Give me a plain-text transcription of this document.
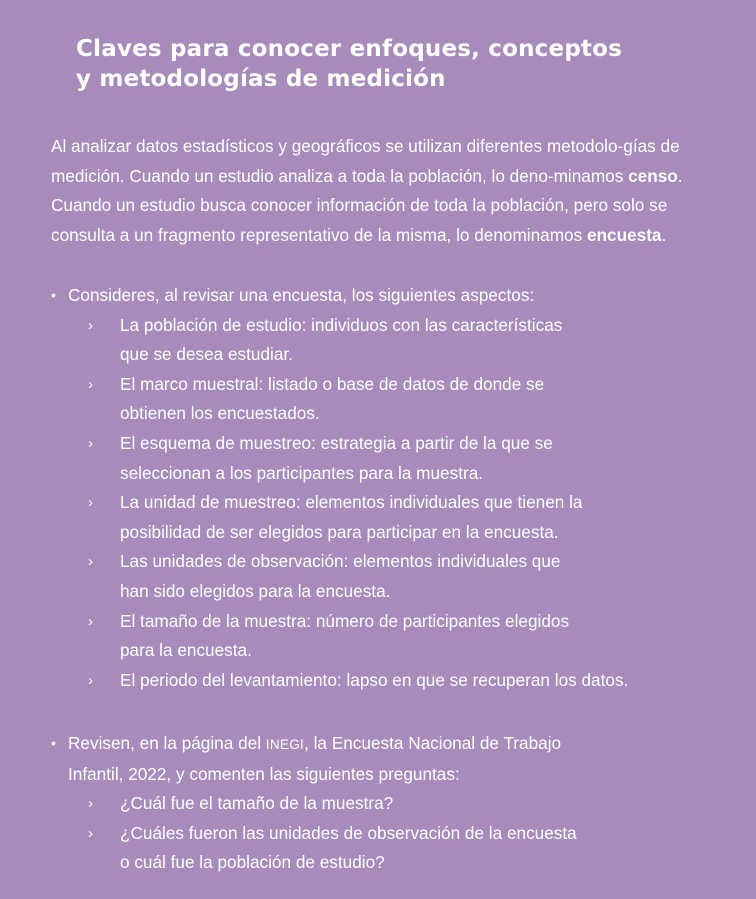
Claves para conocer enfoques, conceptos
y metodologías de medición

Al analizar datos estadísticos y geográficos se utilizan diferentes metodolo-gías de medición. Cuando un estudio analiza a toda la población, lo deno-minamos censo. Cuando un estudio busca conocer información de toda la población, pero solo se consulta a un fragmento representativo de la misma, lo denominamos encuesta.

• Consideres, al revisar una encuesta, los siguientes aspectos:
› La población de estudio: individuos con las características
que se desea estudiar.
› El marco muestral: listado o base de datos de donde se
obtienen los encuestados.
› El esquema de muestreo: estrategia a partir de la que se
seleccionan a los participantes para la muestra.
› La unidad de muestreo: elementos individuales que tienen la
posibilidad de ser elegidos para participar en la encuesta.
› Las unidades de observación: elementos individuales que
han sido elegidos para la encuesta.
› El tamaño de la muestra: número de participantes elegidos
para la encuesta.
› El periodo del levantamiento: lapso en que se recuperan los datos.
• Revisen, en la página del INEGI, la Encuesta Nacional de Trabajo
Infantil, 2022, y comenten las siguientes preguntas:
› ¿Cuál fue el tamaño de la muestra?
› ¿Cuáles fueron las unidades de observación de la encuesta
o cuál fue la población de estudio?
